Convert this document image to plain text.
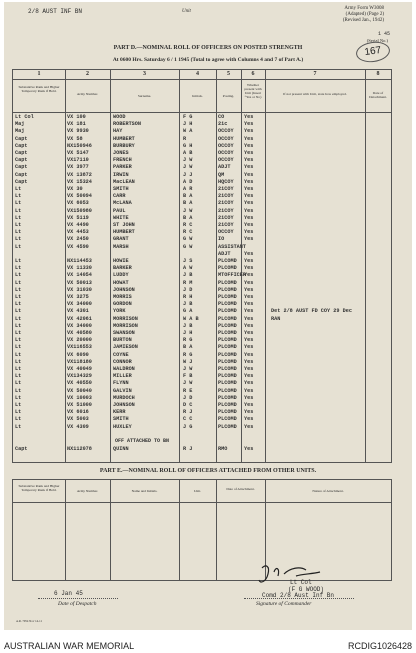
2/8 AUST INF BN	Unit
Army Form W3008
(Adapted) (Page 2)
(Revised Jan., 1942)
1 45
(Serial No.)
167
PART D.—NOMINAL ROLL OF OFFICERS ON POSTED STRENGTH
At 0600 Hrs. Saturday 6 / 1 1945 (Total to agree with Columns 4 and 7 of Part A.)
1	2	3	4	5	6	7	8
Substantive Rank and Higher Temporary Rank if Held.
Army Number.	Surname.	Initials.	Posting.
Whether present with Unit (Insert “Yes or No)
If not present with Unit, state how employed.	Date of Detachment.
Lt Col	VX 100	WOOD	F G	CO	Yes
Maj	VX 181	ROBERTSON	J H	2ic	Yes
Maj	VX 9930	HAY	W A	OCCOY Yes
Capt	VX 58	HUMBERT	R	OCCOY Yes
Capt	NX150946	BURBURY	G H	OCCOY Yes
Capt	VX 5147	JONES	A B	OCCOY Yes
Capt	VX17110	FRENCH	J W	OCCOY Yes
Capt	VX 3977	PARKER	J W	ADJT	Yes
Capt	VX 13872	IRWIN	J J	QM	Yes
Capt	VX 15324	MacLEAN	A D	HQCOY Yes
Lt	VX 30	SMITH	A R	2iCOY Yes
Lt	VX 50094	CARR	B A	2iCOY Yes
Lt	VX 6053	McLANA	B A	2iCOY Yes
Lt	VX150980	PAUL	J W	2iCOY Yes
Lt	VX 5119	WHITE	B A	2iCOY Yes
Lt	VX 4490	ST JOHN	R C	2iCOY Yes
Lt	VX 4453	HUMBERT	R C	OCCOY Yes
Lt	VX 2450	GRANT	G W	IO	Yes
Lt	VX 4590	MARSH	G W	ASSISTANT
ADJT	Yes
Lt	NX114453	HOWIE	J S	PLCOMD Yes
Lt	VX 11330	BARKER	A W	PLCOMD Yes
Lt	VX 14054	LUDDY	J B	MTOFFICER
Yes
Lt	VX 50013	HOWAT	R M	PLCOMD Yes
Lt	VX 31030	JOHNSON	J D	PLCOMD Yes
Lt	VX 3275	MORRIS	R H	PLCOMD Yes
Lt	VX 34000	GORDON	J B	PLCOMD Yes
Lt	VX 4301	YORK	G A	PLCOMD Yes	Det 2/8 AUST FD COY 29 Dec
Lt	VX 42061	MORRISON	W A B	PLCOMD Yes	RAN
Lt	VX 34000	MORRISON	J B	PLCOMD Yes
Lt	VX 40580	SWANSON	J H	PLCOMD Yes
Lt	VX 20000	BURTON	R G	PLCOMD Yes
Lt	VX116553	JAMIESON	B A	PLCOMD Yes
Lt	VX 6090	COYNE	R G	PLCOMD Yes
Lt	VX118180	CONNOR	W J	PLCOMD Yes
Lt	VX 40049	WALDRON	J W	PLCOMD Yes
Lt	VX134329	MILLER	F B	PLCOMD Yes
Lt	VX 40550	FLYNN	J W	PLCOMD Yes
Lt	VX 50040	GALVIN	R E	PLCOMD Yes
Lt	VX 10003	MURDOCH	J D	PLCOMD Yes
Lt	VX 51000	JOHNSON	D C	PLCOMD Yes
Lt	VX 6016	KERR	R J	PLCOMD Yes
Lt	VX 5003	SMITH	C C	PLCOMD Yes
Lt	VX 4309	HUXLEY	J G	PLCOMD Yes
Capt	NX112078	QUINN	R J	RMO	Yes
OFF ATTACHED TO BN
PART E.—NOMINAL ROLL OF OFFICERS ATTACHED FROM OTHER UNITS.
Substantive Rank and Higher Temporary Rank if Held.	Army Number.	Name and Initials.	Unit.	Date of Attachment.	Nature of Attachment.
6 Jan 45
Date of Despatch
Lt Col
(F G WOOD)
Comd 2/8 Aust Inf Bn
Signature of Commander
A.R. 7954 Nov 14-11
AUSTRALIAN WAR MEMORIAL	RCDIG1026428
